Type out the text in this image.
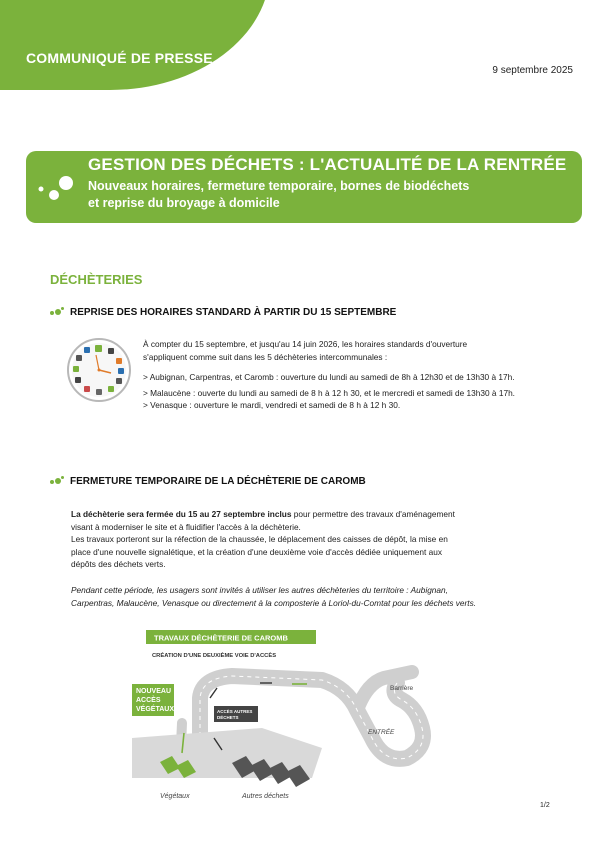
COMMUNIQUÉ DE PRESSE
9 septembre 2025
GESTION DES DÉCHETS : L'ACTUALITÉ DE LA RENTRÉE
Nouveaux horaires, fermeture temporaire, bornes de biodéchets
et reprise du broyage à domicile
DÉCHÈTERIES
REPRISE DES HORAIRES STANDARD À PARTIR DU 15 SEPTEMBRE
À compter du 15 septembre, et jusqu'au 14 juin 2026, les horaires standards d'ouverture
s'appliquent comme suit dans les 5 déchèteries intercommunales :
> Aubignan, Carpentras, et Caromb : ouverture du lundi au samedi de 8h à 12h30 et de 13h30 à 17h.
> Malaucène : ouverte du lundi au samedi de 8 h à 12 h 30, et le mercredi et samedi de 13h30 à 17h.
> Venasque : ouverture le mardi, vendredi et samedi de 8 h à 12 h 30.
FERMETURE TEMPORAIRE DE LA DÉCHÈTERIE DE CAROMB
La déchèterie sera fermée du 15 au 27 septembre inclus pour permettre des travaux d'aménagement
visant à moderniser le site et à fluidifier l'accès à la déchèterie.
Les travaux porteront sur la réfection de la chaussée, le déplacement des caisses de dépôt, la mise en
place d'une nouvelle signalétique, et la création d'une deuxième voie d'accès dédiée uniquement aux
dépôts des déchets verts.
Pendant cette période, les usagers sont invités à utiliser les autres déchèteries du territoire : Aubignan,
Carpentras, Malaucène, Venasque ou directement à la composterie à Loriol-du-Comtat pour les déchets verts.
TRAVAUX DÉCHÈTERIE DE CAROMB
CRÉATION D'UNE DEUXIÈME VOIE D'ACCÈS
NOUVEAU
ACCÈS
VÉGÉTAUX	ACCÈS AUTRES
DÉCHETS
Barrière
ENTRÉE
Végétaux	Autres déchets
1/2
